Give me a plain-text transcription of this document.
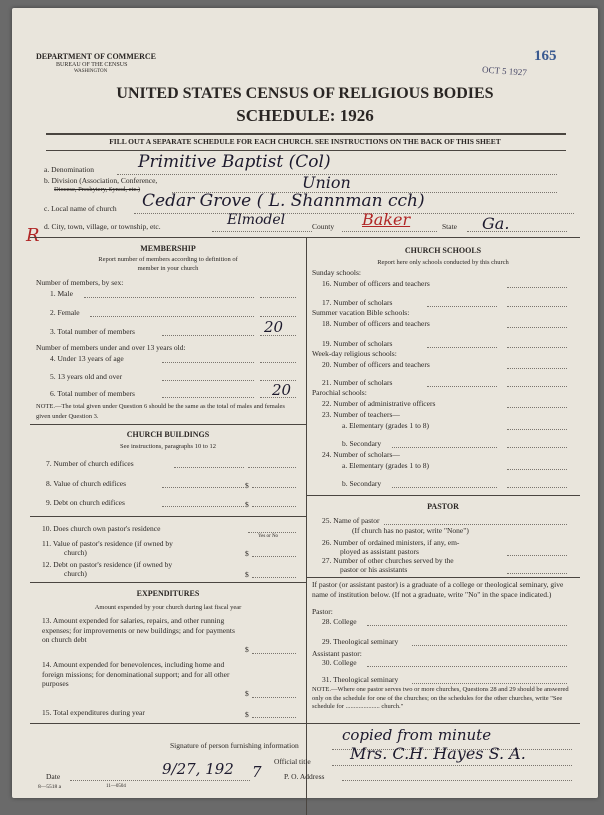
DEPARTMENT OF COMMERCE
BUREAU OF THE CENSUS
WASHINGTON
165
OCT 5 1927
UNITED STATES CENSUS OF RELIGIOUS BODIES
SCHEDULE: 1926
FILL OUT A SEPARATE SCHEDULE FOR EACH CHURCH. SEE INSTRUCTIONS ON THE BACK OF THIS SHEET
a. Denomination	Primitive Baptist (Col)
b. Division (Association, Conference,
Diocese, Presbytery, Synod, etc.)	Union
c. Local name of church Cedar Grove ( L. Shannman cch)
R d. City, town, village, or township, etc.	Elmodel	County Baker	State Ga.
MEMBERSHIP
Report number of members according to definition of
member in your church
Number of members, by sex:
1. Male
2. Female
3. Total number of members	20
Number of members under and over 13 years old:
4. Under 13 years of age
5. 13 years old and over
6. Total number of members	20
NOTE.—The total given under Question 6 should be the same as the total of males and females given under Question 3.
CHURCH BUILDINGS
See instructions, paragraphs 10 to 12
7. Number of church edifices
8. Value of church edifices	$
9. Debt on church edifices	$
10. Does church own pastor's residence
Yes or No
11. Value of pastor's residence (if owned by
church)	$
12. Debt on pastor's residence (if owned by
church)	$
EXPENDITURES
Amount expended by your church during last fiscal year
13. Amount expended for salaries, repairs, and other running expenses; for improvements or new buildings; and for payments on church debt
$
14. Amount expended for benevolences, including home and foreign missions; for denominational support; and for all other purposes
$
15. Total expenditures during year	$
CHURCH SCHOOLS
Report here only schools conducted by this church
Sunday schools:
16. Number of officers and teachers
17. Number of scholars
Summer vacation Bible schools:
18. Number of officers and teachers
19. Number of scholars
Week-day religious schools:
20. Number of officers and teachers
21. Number of scholars
Parochial schools:
22. Number of administrative officers
23. Number of teachers—
a. Elementary (grades 1 to 8)
b. Secondary
24. Number of scholars—
a. Elementary (grades 1 to 8)
b. Secondary
PASTOR
25. Name of pastor
(If church has no pastor, write "None")
26. Number of ordained ministers, if any, em-
ployed as assistant pastors
27. Number of other churches served by the
pastor or his assistants
If pastor (or assistant pastor) is a graduate of a college or theological seminary, give name of institution below. (If not a graduate, write "No" in the space indicated.)
Pastor:
28. College
29. Theological seminary
Assistant pastor:
30. College
31. Theological seminary
NOTE.—Where one pastor serves two or more churches, Questions 28 and 29 should be answered only on the schedule for one of the churches; on the schedules for the other churches, write "See schedule for ..................... church."
Signature of person furnishing information
copied from minute
Official title Mrs. C.H. Hayes S. A.
Date	9/27, 192 7	P. O. Address
8—5518 a	11—0504
